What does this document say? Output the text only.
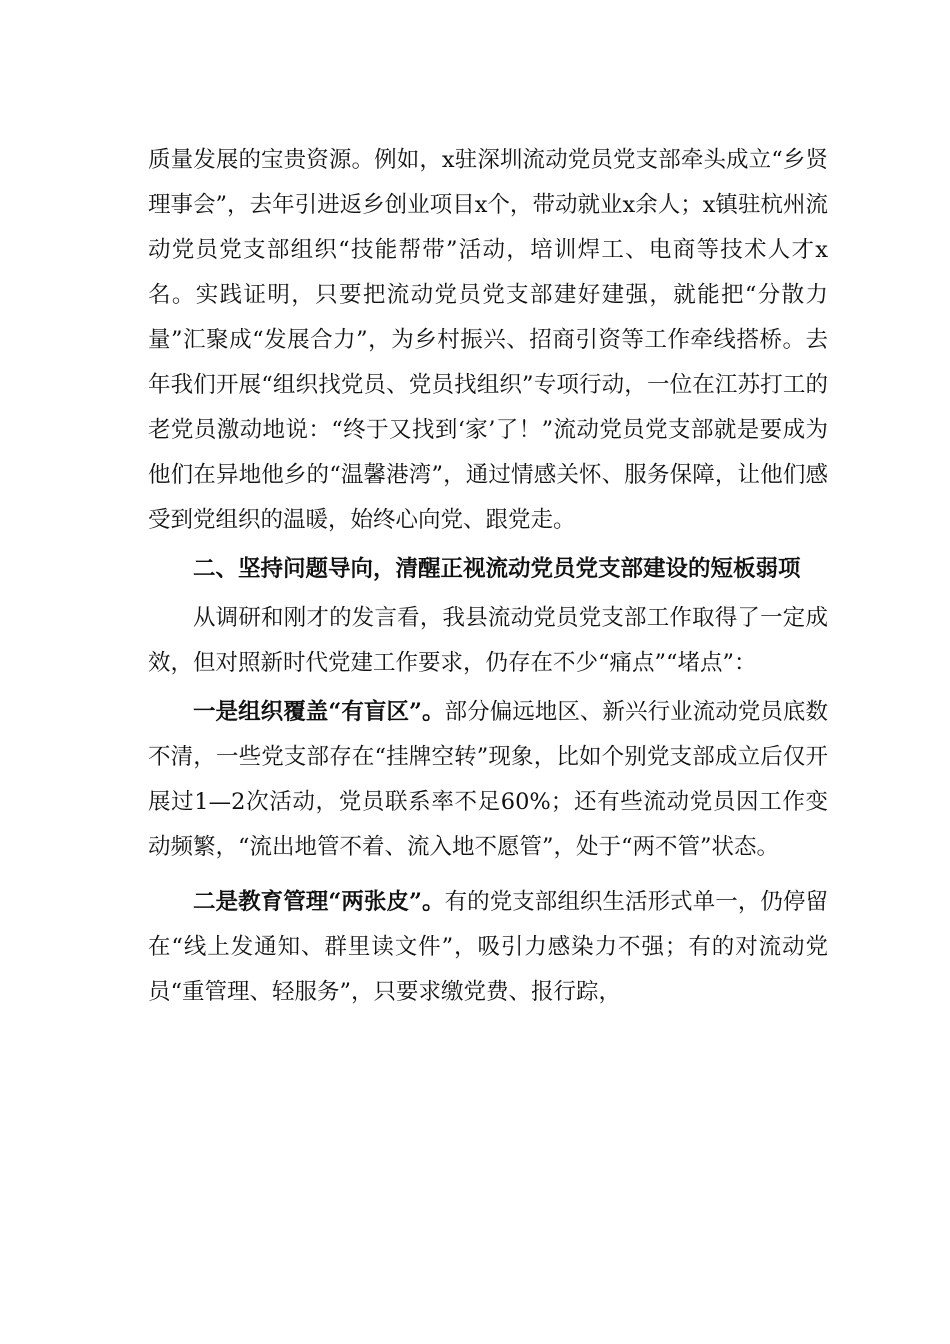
质量发展的宝贵资源。例如，x驻深圳流动党员党支部牵头成立“乡贤理事会”，去年引进返乡创业项目x个，带动就业x余人；x镇驻杭州流动党员党支部组织“技能帮带”活动，培训焊工、电商等技术人才x名。实践证明，只要把流动党员党支部建好建强，就能把“分散力量”汇聚成“发展合力”，为乡村振兴、招商引资等工作牵线搭桥。去年我们开展“组织找党员、党员找组织”专项行动，一位在江苏打工的老党员激动地说：“终于又找到‘家’了！”流动党员党支部就是要成为他们在异地他乡的“温馨港湾”，通过情感关怀、服务保障，让他们感受到党组织的温暖，始终心向党、跟党走。

二、坚持问题导向，清醒正视流动党员党支部建设的短板弱项

从调研和刚才的发言看，我县流动党员党支部工作取得了一定成效，但对照新时代党建工作要求，仍存在不少“痛点”“堵点”：

一是组织覆盖“有盲区”。部分偏远地区、新兴行业流动党员底数不清，一些党支部存在“挂牌空转”现象，比如个别党支部成立后仅开展过1—2次活动，党员联系率不足60%；还有些流动党员因工作变动频繁，“流出地管不着、流入地不愿管”，处于“两不管”状态。

二是教育管理“两张皮”。有的党支部组织生活形式单一，仍停留在“线上发通知、群里读文件”，吸引力感染力不强；有的对流动党员“重管理、轻服务”，只要求缴党费、报行踪，
